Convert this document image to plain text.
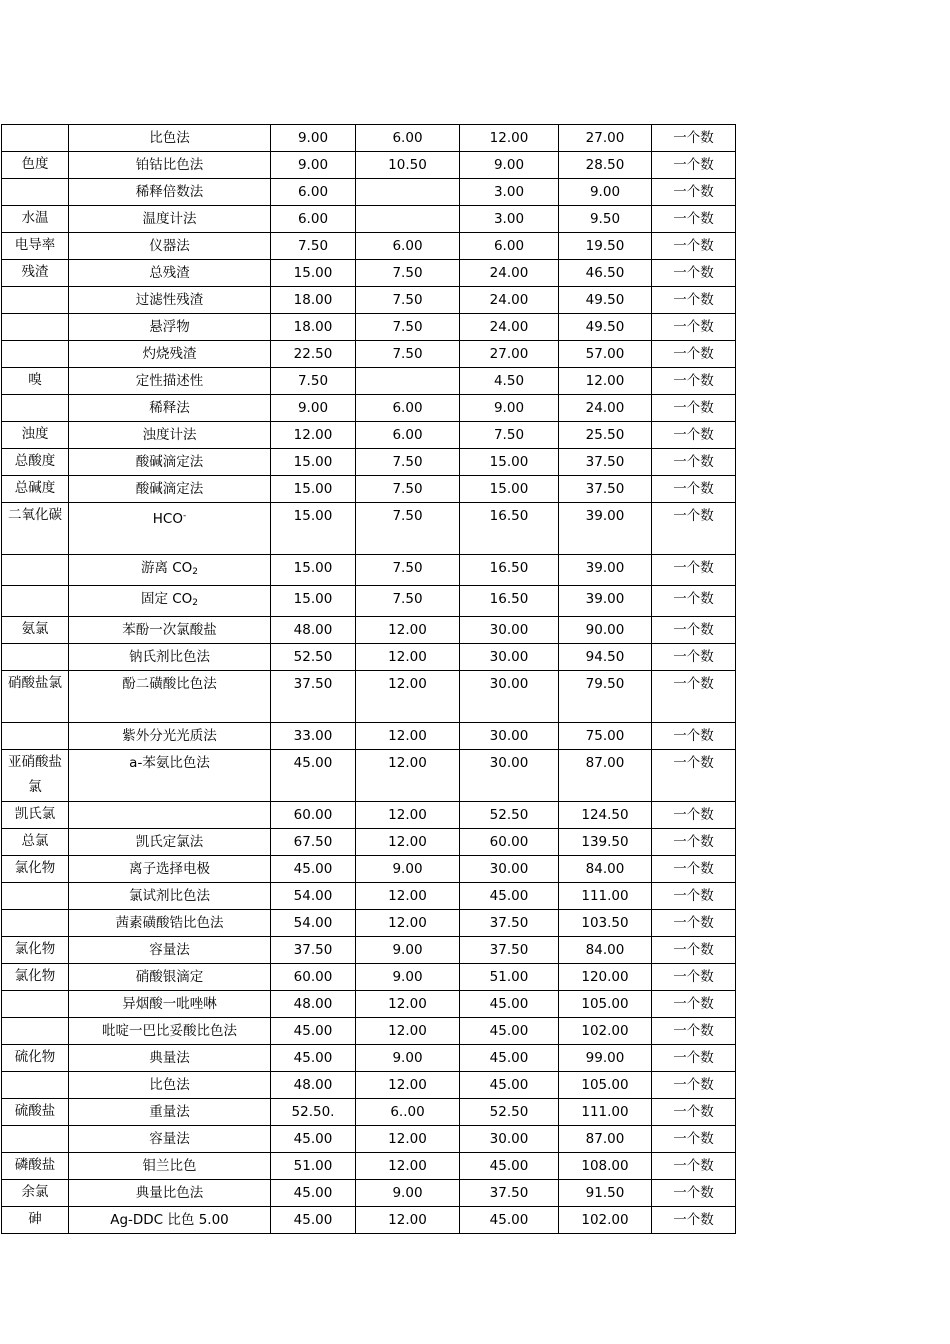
	比色法	9.00	6.00	12.00	27.00	一个数
色度	铂钴比色法	9.00	10.50	9.00	28.50	一个数
	稀释倍数法	6.00		3.00	9.00	一个数
水温	温度计法	6.00		3.00	9.50	一个数
电导率	仪器法	7.50	6.00	6.00	19.50	一个数
残渣	总残渣	15.00	7.50	24.00	46.50	一个数
	过滤性残渣	18.00	7.50	24.00	49.50	一个数
	悬浮物	18.00	7.50	24.00	49.50	一个数
	灼烧残渣	22.50	7.50	27.00	57.00	一个数
嗅	定性描述性	7.50		4.50	12.00	一个数
	稀释法	9.00	6.00	9.00	24.00	一个数
浊度	浊度计法	12.00	6.00	7.50	25.50	一个数
总酸度	酸碱滴定法	15.00	7.50	15.00	37.50	一个数
总碱度	酸碱滴定法	15.00	7.50	15.00	37.50	一个数
二氧化碳	HCO-	15.00	7.50	16.50	39.00	一个数
	游离 $CO_2$	15.00	7.50	16.50	39.00	一个数
	固定 $CO_2$	15.00	7.50	16.50	39.00	一个数
氨氯	苯酚一次氯酸盐	48.00	12.00	30.00	90.00	一个数
	钠氏剂比色法	52.50	12.00	30.00	94.50	一个数
硝酸盐氯	酚二磺酸比色法	37.50	12.00	30.00	79.50	一个数
	紫外分光光质法	33.00	12.00	30.00	75.00	一个数
亚硝酸盐氯	a-苯氨比色法	45.00	12.00	30.00	87.00	一个数
凯氏氯		60.00	12.00	52.50	124.50	一个数
总氯	凯氏定氯法	67.50	12.00	60.00	139.50	一个数
氯化物	离子选择电极	45.00	9.00	30.00	84.00	一个数
	氯试剂比色法	54.00	12.00	45.00	111.00	一个数
	茜素磺酸锆比色法	54.00	12.00	37.50	103.50	一个数
氯化物	容量法	37.50	9.00	37.50	84.00	一个数
氯化物	硝酸银滴定	60.00	9.00	51.00	120.00	一个数
	异烟酸一吡唑啉	48.00	12.00	45.00	105.00	一个数
	吡啶一巴比妥酸比色法	45.00	12.00	45.00	102.00	一个数
硫化物	典量法	45.00	9.00	45.00	99.00	一个数
	比色法	48.00	12.00	45.00	105.00	一个数
硫酸盐	重量法	52.50.	6..00	52.50	111.00	一个数
	容量法	45.00	12.00	30.00	87.00	一个数
磷酸盐	钼兰比色	51.00	12.00	45.00	108.00	一个数
余氯	典量比色法	45.00	9.00	37.50	91.50	一个数
砷	Ag-DDC 比色 5.00	45.00	12.00	45.00	102.00	一个数
